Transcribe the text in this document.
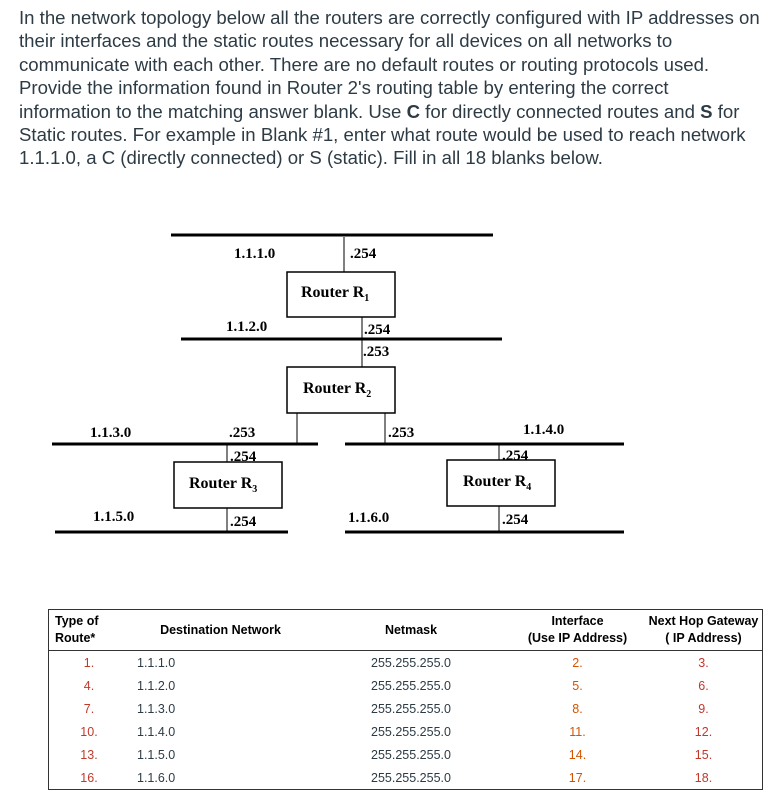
In the network topology below all the routers are correctly configured with IP addresses on their interfaces and the static routes necessary for all devices on all networks to communicate with each other. There are no default routes or routing protocols used. Provide the information found in Router 2's routing table by entering the correct information to the matching answer blank. Use C for directly connected routes and S for Static routes. For example in Blank #1, enter what route would be used to reach network 1.1.1.0, a C (directly connected) or S (static). Fill in all 18 blanks below.
Router $R_1$
Router $R_2$
Router $R_3$	Router $R_4$
1.1.1.0
1.1.2.0
1.1.3.0	1.1.4.0
1.1.5.0	1.1.6.0
.254
.254
.253
.253	.253
.254
.254
.254
.254
Type of
Route*	Destination Network	Netmask	Interface
(Use IP Address)	Next Hop Gateway
( IP Address)
1.	1.1.1.0	255.255.255.0	2.	3.
4.	1.1.2.0	255.255.255.0	5.	6.
7.	1.1.3.0	255.255.255.0	8.	9.
10.	1.1.4.0	255.255.255.0	11.	12.
13.	1.1.5.0	255.255.255.0	14.	15.
16.	1.1.6.0	255.255.255.0	17.	18.
